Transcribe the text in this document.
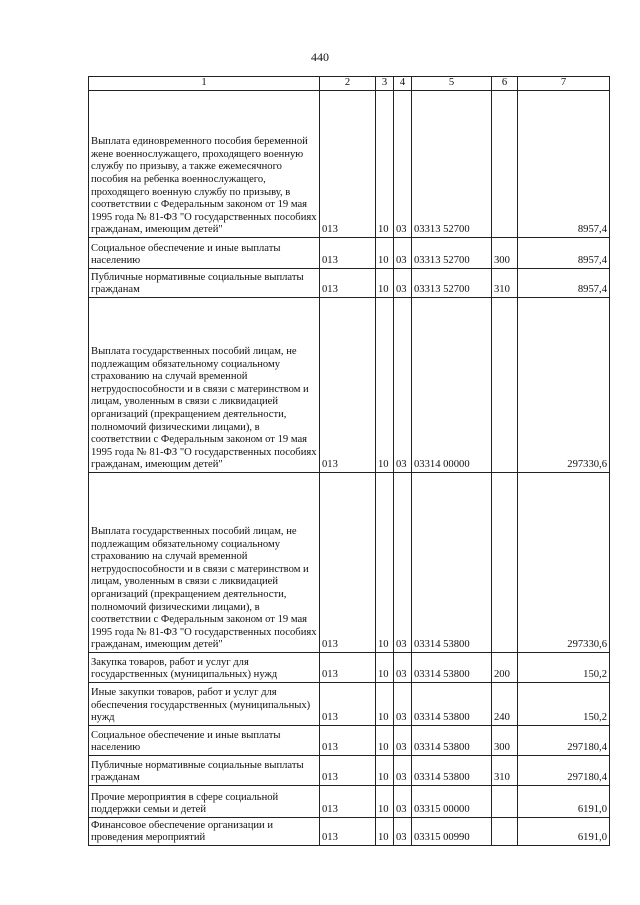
440
1	2	3	4	5	6	7
Выплата единовременного пособия беременной жене военнослужащего, проходящего военную службу по призыву, а также ежемесячного пособия на ребенка военнослужащего, проходящего военную службу по призыву, в соответствии с Федеральным законом от 19 мая 1995 года № 81-ФЗ "О государственных пособиях гражданам, имеющим детей"	013	10	03	03313 52700		8957,4
Социальное обеспечение и иные выплаты населению	013	10	03	03313 52700	300	8957,4
Публичные нормативные социальные выплаты гражданам	013	10	03	03313 52700	310	8957,4
Выплата государственных пособий лицам, не подлежащим обязательному социальному страхованию на случай временной нетрудоспособности и в связи с материнством и лицам, уволенным в связи с ликвидацией организаций (прекращением деятельности, полномочий физическими лицами), в соответствии с Федеральным законом от 19 мая 1995 года № 81-ФЗ "О государственных пособиях гражданам, имеющим детей"	013	10	03	03314 00000		297330,6
Выплата государственных пособий лицам, не подлежащим обязательному социальному страхованию на случай временной нетрудоспособности и в связи с материнством и лицам, уволенным в связи с ликвидацией организаций (прекращением деятельности, полномочий физическими лицами), в соответствии с Федеральным законом от 19 мая 1995 года № 81-ФЗ "О государственных пособиях гражданам, имеющим детей"	013	10	03	03314 53800		297330,6
Закупка товаров, работ и услуг для государственных (муниципальных) нужд	013	10	03	03314 53800	200	150,2
Иные закупки товаров, работ и услуг для обеспечения государственных (муниципальных) нужд	013	10	03	03314 53800	240	150,2
Социальное обеспечение и иные выплаты населению	013	10	03	03314 53800	300	297180,4
Публичные нормативные социальные выплаты гражданам	013	10	03	03314 53800	310	297180,4
Прочие мероприятия в сфере социальной поддержки семьи и детей	013	10	03	03315 00000		6191,0
Финансовое обеспечение организации и проведения мероприятий	013	10	03	03315 00990		6191,0
